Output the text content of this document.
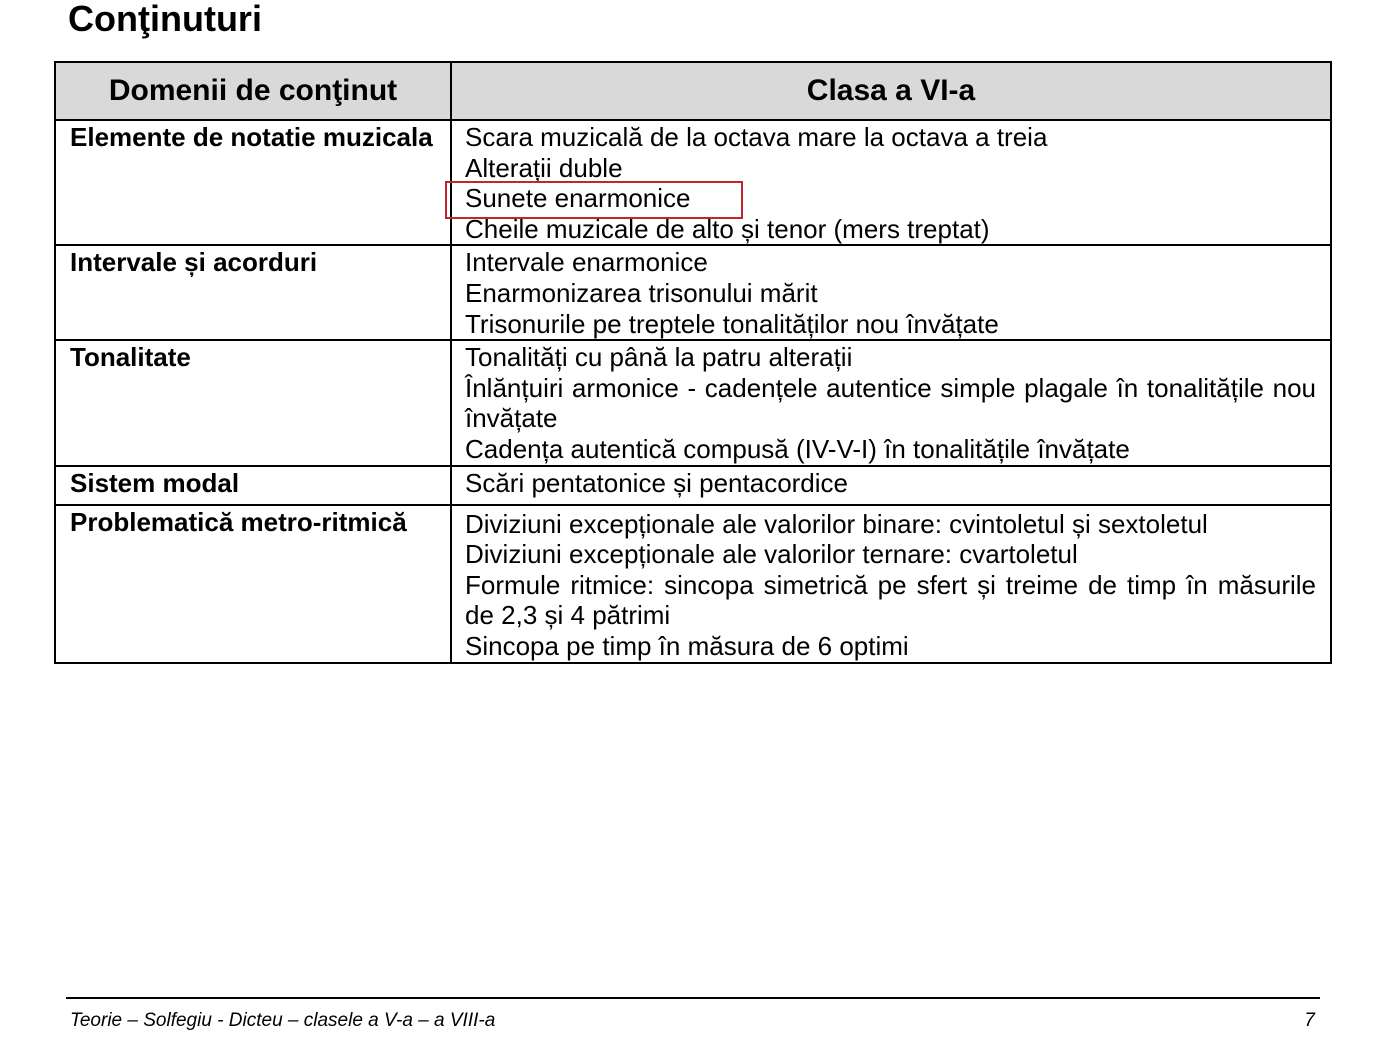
Conţinuturi
Domenii de conţinut	Clasa a VI-a
Elemente de notatie muzicala	Scara muzicală de la octava mare la octava a treia
Alterații duble
Sunete enarmonice
Cheile muzicale de alto și tenor (mers treptat)

Intervale și acorduri	Intervale enarmonice
Enarmonizarea trisonului mărit
Trisonurile pe treptele tonalităților nou învățate

Tonalitate	Tonalități cu până la patru alterații
Înlănțuiri armonice - cadențele autentice simple plagale în tonalitățile nou învățate
Cadența autentică compusă (IV-V-I) în tonalitățile învățate

Sistem modal	Scări pentatonice și pentacordice

Problematică metro-ritmică	Diviziuni excepționale ale valorilor binare: cvintoletul și sextoletul
Diviziuni excepționale ale valorilor ternare: cvartoletul
Formule ritmice: sincopa simetrică pe sfert și treime de timp în măsurile de 2,3 și 4 pătrimi
Sincopa pe timp în măsura de 6 optimi
Teorie – Solfegiu - Dicteu – clasele a V-a – a VIII-a	7
